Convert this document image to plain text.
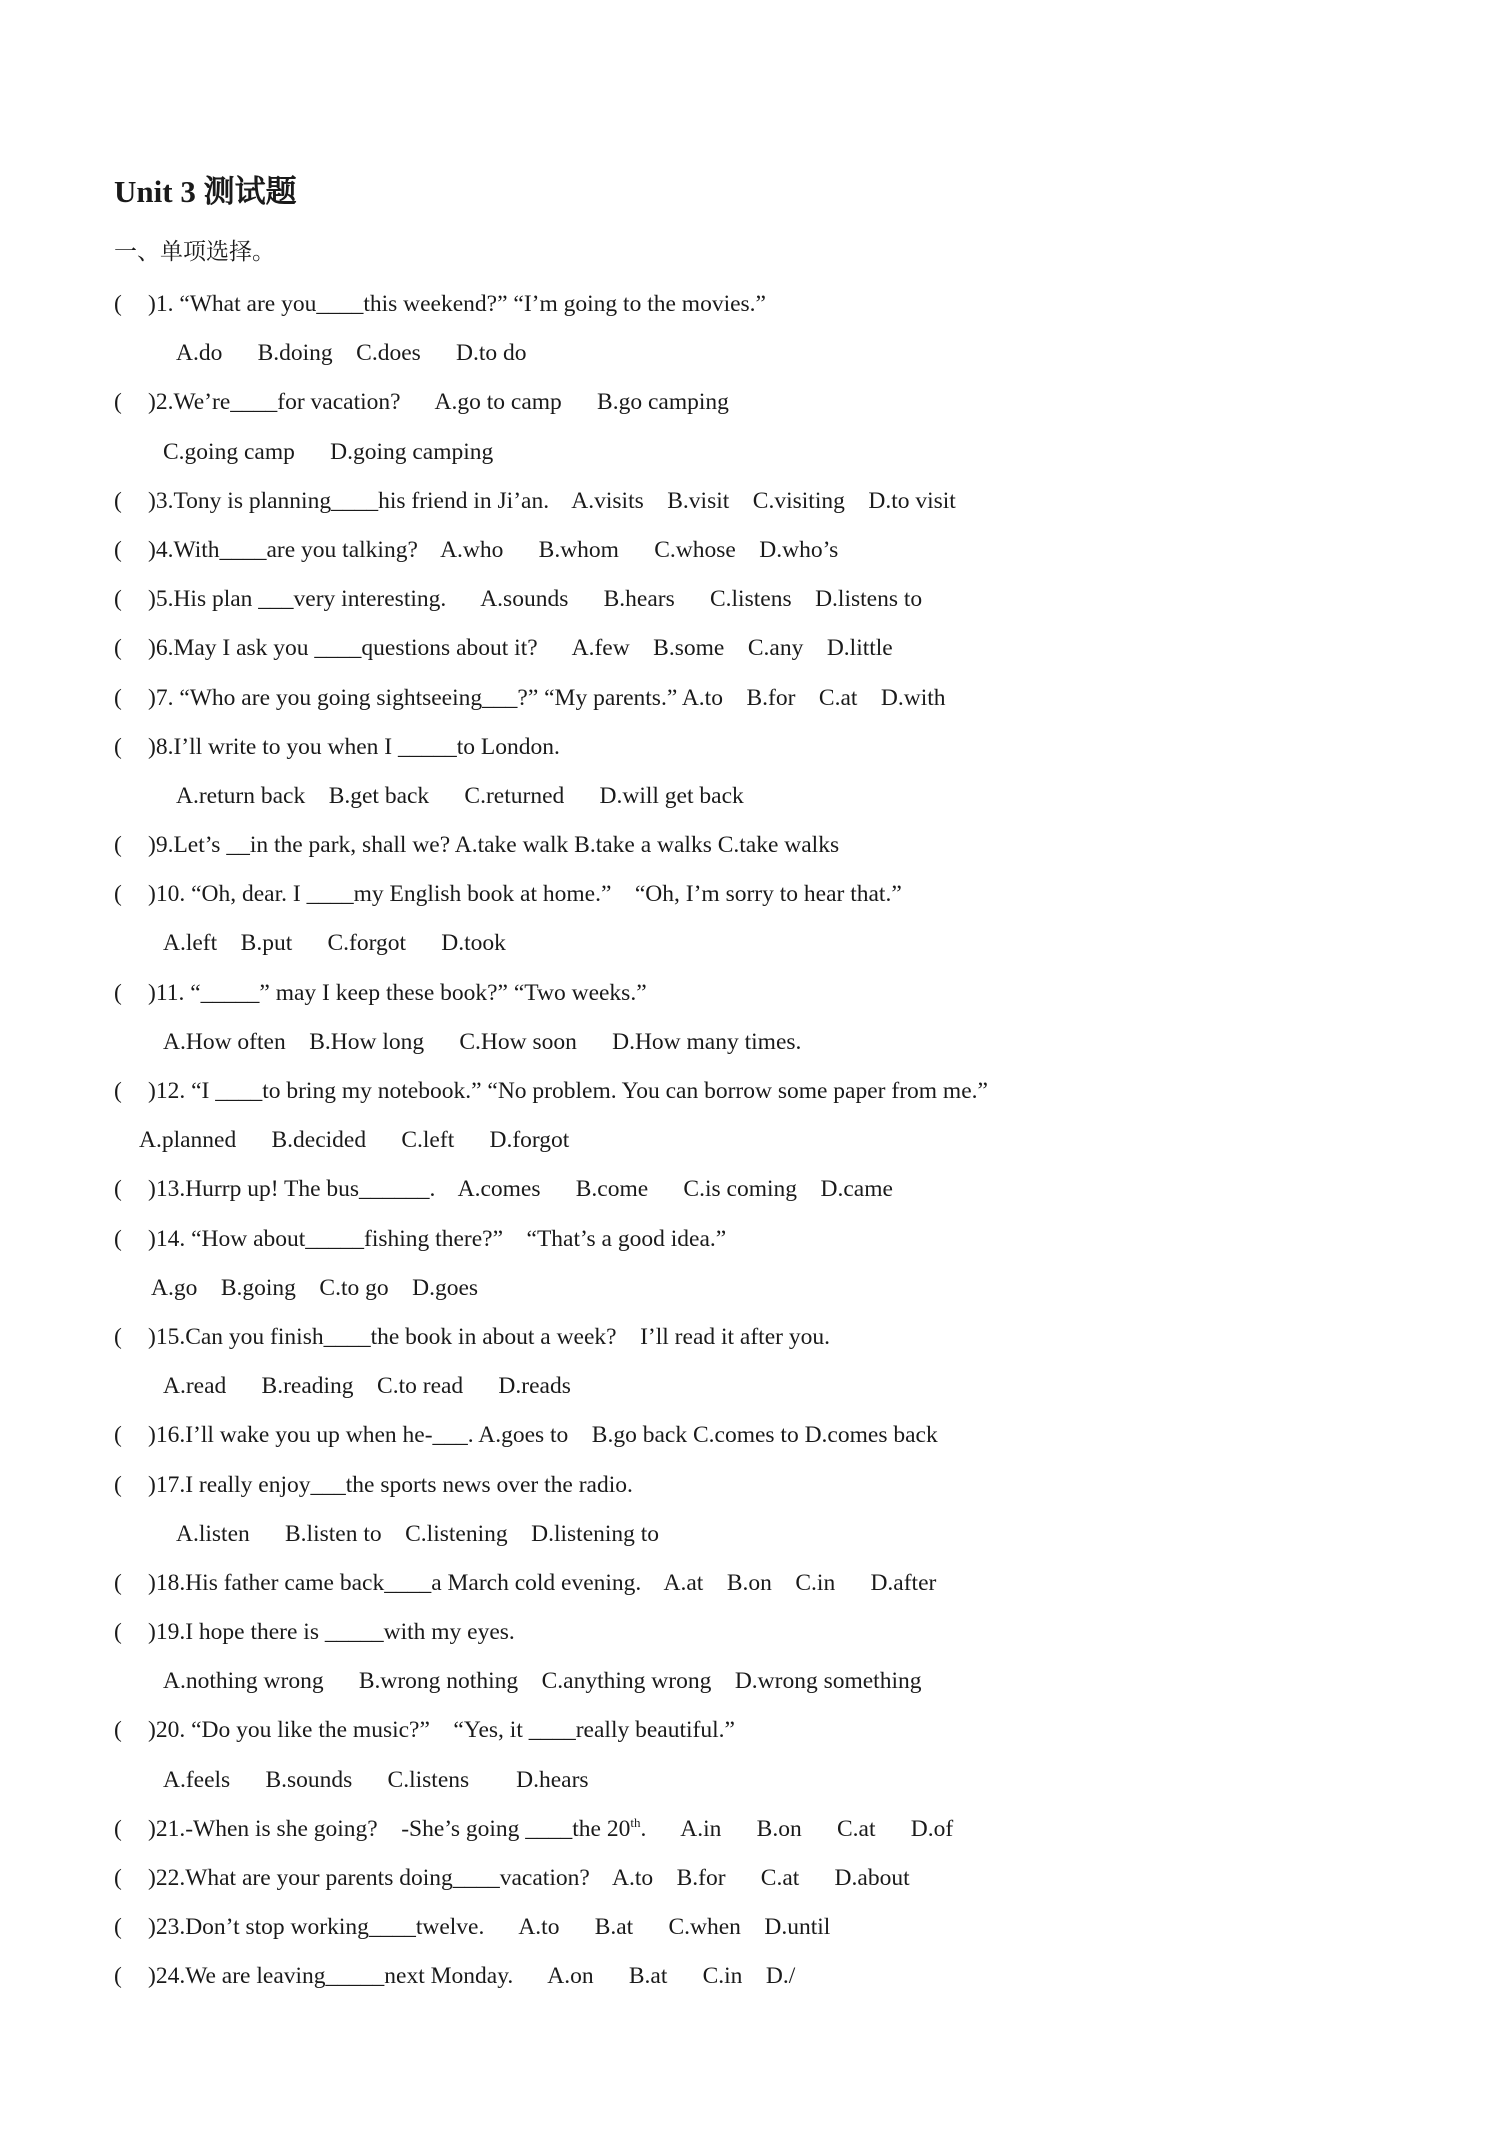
Unit 3 测试题
一、单项选择。
( )1. “What are you____this weekend?” “I’m going to the movies.”
A.do      B.doing    C.does      D.to do
( )2.We’re____for vacation?      A.go to camp      B.go camping
C.going camp      D.going camping
( )3.Tony is planning____his friend in Ji’an.    A.visits    B.visit    C.visiting    D.to visit
( )4.With____are you talking?    A.who      B.whom      C.whose    D.who’s
( )5.His plan ___very interesting.      A.sounds      B.hears      C.listens    D.listens to
( )6.May I ask you ____questions about it?      A.few    B.some    C.any    D.little
( )7. “Who are you going sightseeing___?” “My parents.” A.to    B.for    C.at    D.with
( )8.I’ll write to you when I _____to London.
A.return back    B.get back      C.returned      D.will get back
( )9.Let’s __in the park, shall we? A.take walk B.take a walks C.take walks
( )10. “Oh, dear. I ____my English book at home.”    “Oh, I’m sorry to hear that.”
A.left    B.put      C.forgot      D.took
( )11. “_____” may I keep these book?” “Two weeks.”
A.How often    B.How long      C.How soon      D.How many times.
( )12. “I ____to bring my notebook.” “No problem. You can borrow some paper from me.”
A.planned      B.decided      C.left      D.forgot
( )13.Hurrp up! The bus______.    A.comes      B.come      C.is coming    D.came
( )14. “How about_____fishing there?”    “That’s a good idea.”
A.go    B.going    C.to go    D.goes
( )15.Can you finish____the book in about a week?    I’ll read it after you.
A.read      B.reading    C.to read      D.reads
( )16.I’ll wake you up when he-___. A.goes to    B.go back C.comes to D.comes back
( )17.I really enjoy___the sports news over the radio.
A.listen      B.listen to    C.listening    D.listening to
( )18.His father came back____a March cold evening.    A.at    B.on    C.in      D.after
( )19.I hope there is _____with my eyes.
A.nothing wrong      B.wrong nothing    C.anything wrong    D.wrong something
( )20. “Do you like the music?”    “Yes, it ____really beautiful.”
A.feels      B.sounds      C.listens        D.hears
( )21.-When is she going?    -She’s going ____the 20th.      A.in      B.on      C.at      D.of
( )22.What are your parents doing____vacation?    A.to    B.for      C.at      D.about
( )23.Don’t stop working____twelve.      A.to      B.at      C.when    D.until
( )24.We are leaving_____next Monday.      A.on      B.at      C.in    D./
